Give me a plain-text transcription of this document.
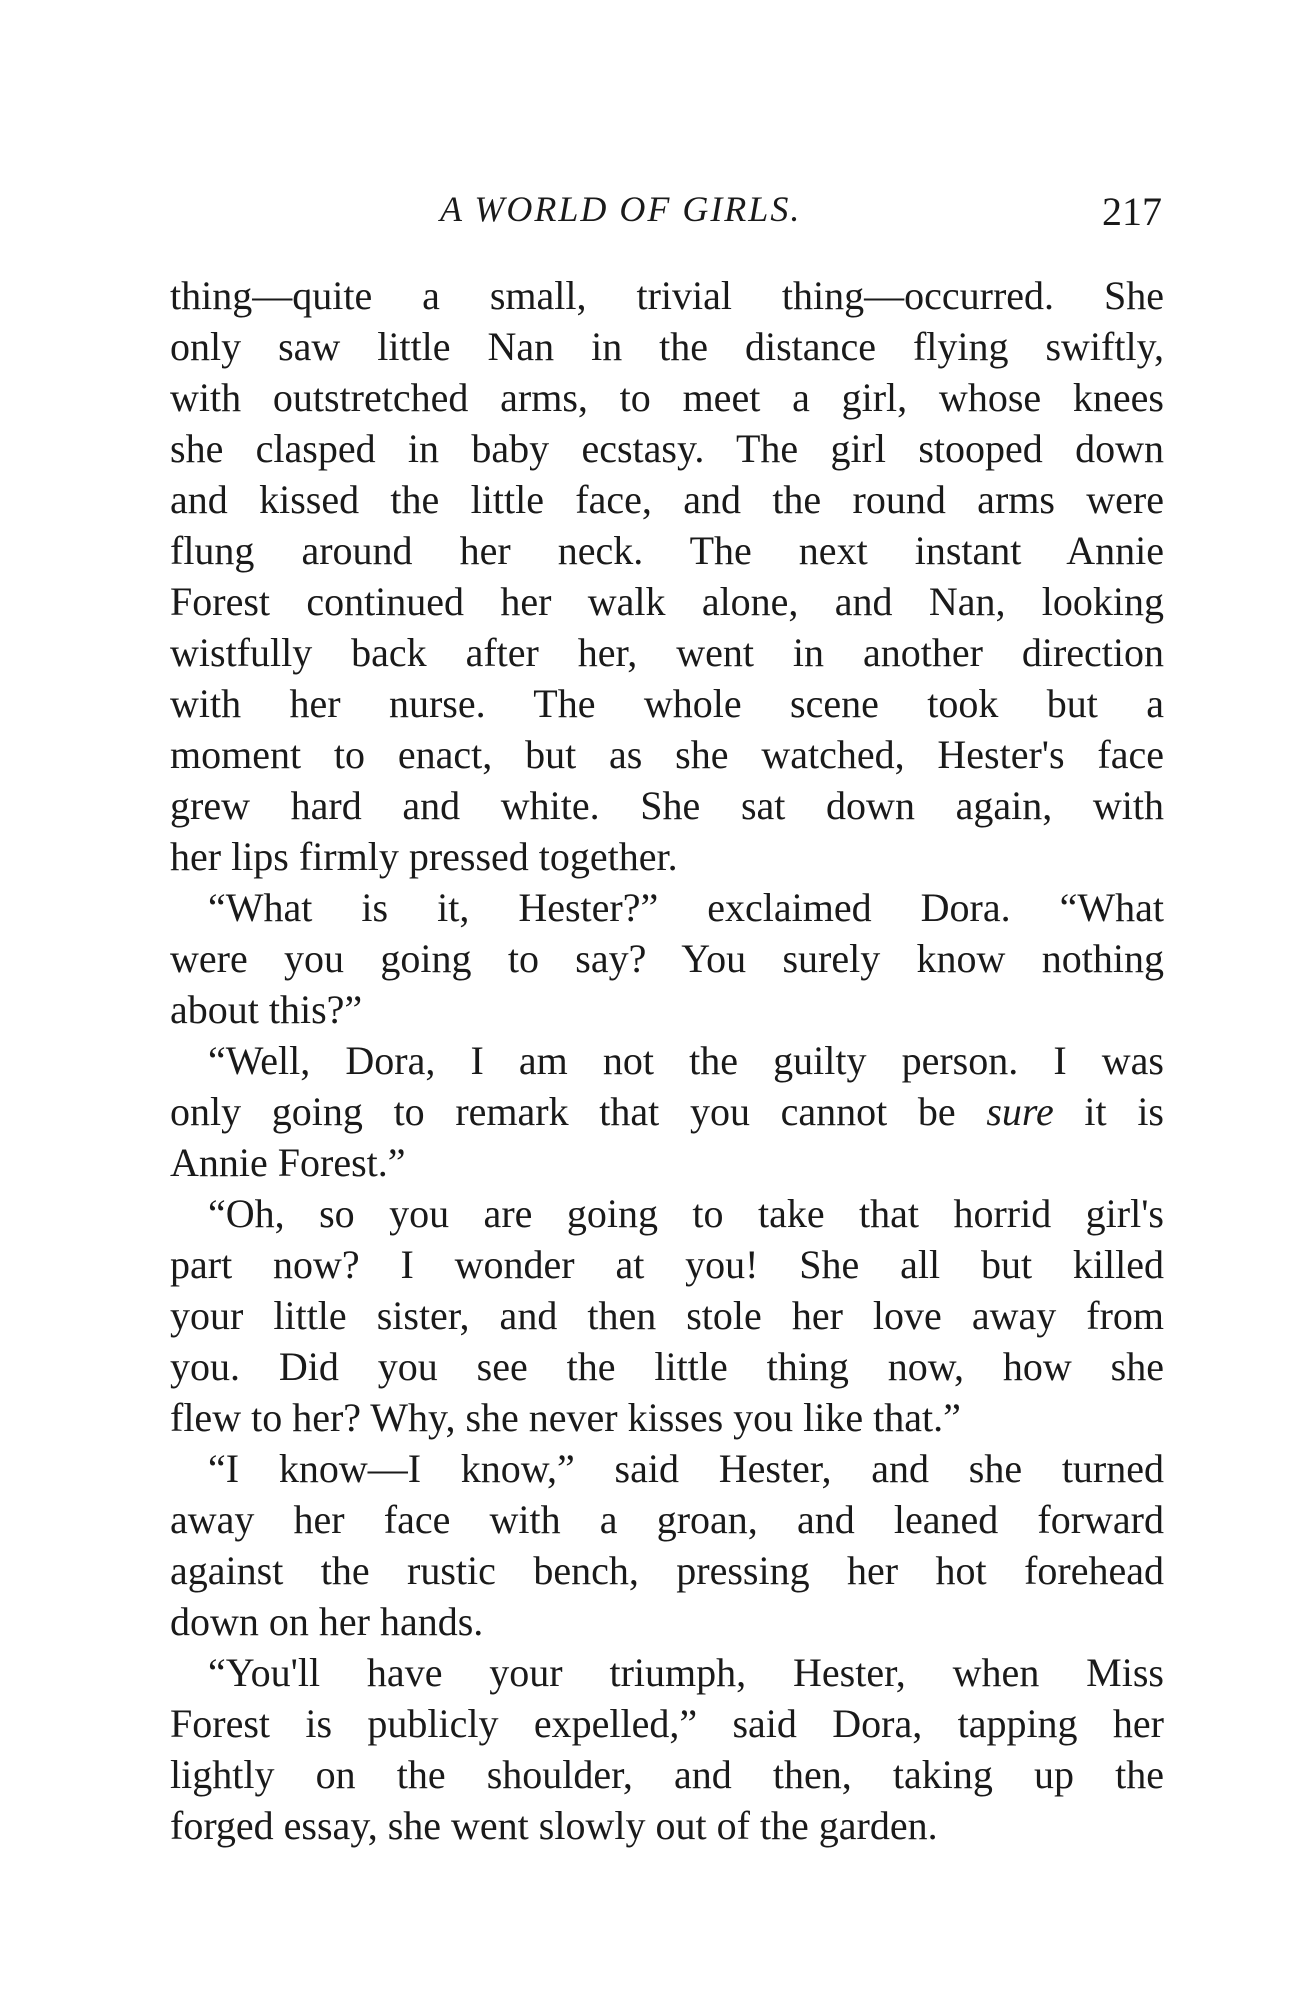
A WORLD OF GIRLS.	217
thing—quite a small, trivial thing—occurred. She
only saw little Nan in the distance flying swiftly,
with outstretched arms, to meet a girl, whose knees
she clasped in baby ecstasy. The girl stooped down
and kissed the little face, and the round arms were
flung around her neck. The next instant Annie
Forest continued her walk alone, and Nan, looking
wistfully back after her, went in another direction
with her nurse. The whole scene took but a
moment to enact, but as she watched, Hester's face
grew hard and white. She sat down again, with
her lips firmly pressed together.
“What is it, Hester?” exclaimed Dora. “What
were you going to say? You surely know nothing
about this?”
“Well, Dora, I am not the guilty person. I was
only going to remark that you cannot be sure it is
Annie Forest.”
“Oh, so you are going to take that horrid girl's
part now? I wonder at you! She all but killed
your little sister, and then stole her love away from
you. Did you see the little thing now, how she
flew to her? Why, she never kisses you like that.”
“I know—I know,” said Hester, and she turned
away her face with a groan, and leaned forward
against the rustic bench, pressing her hot forehead
down on her hands.
“You'll have your triumph, Hester, when Miss
Forest is publicly expelled,” said Dora, tapping her
lightly on the shoulder, and then, taking up the
forged essay, she went slowly out of the garden.
